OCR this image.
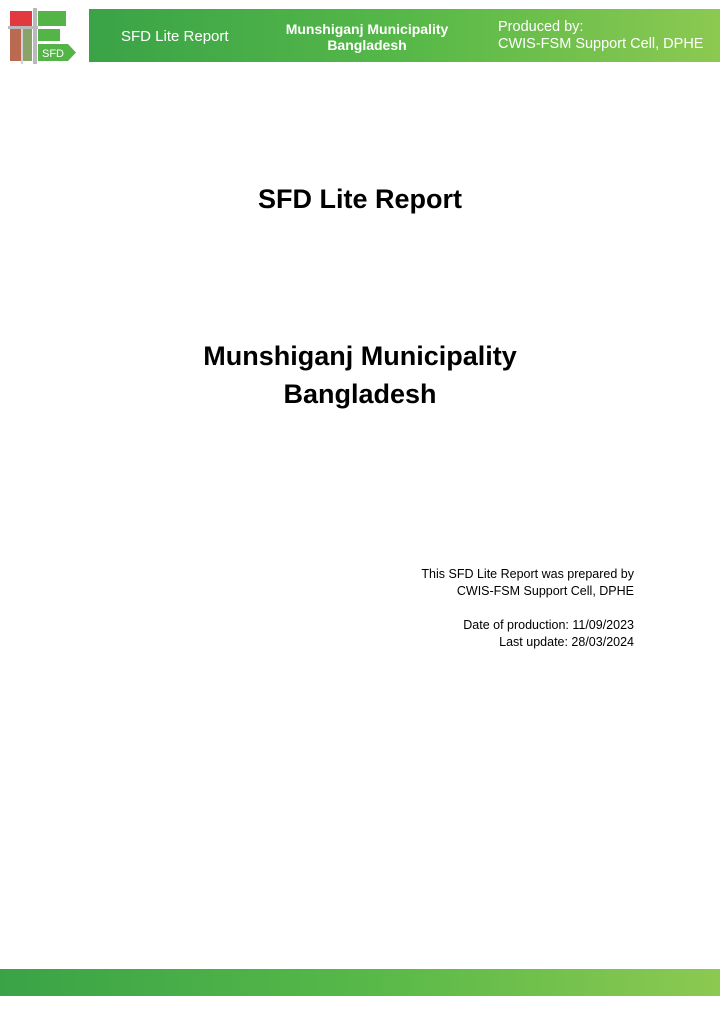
SFD
SFD Lite Report	Munshiganj Municipality
Bangladesh
Produced by:
CWIS-FSM Support Cell, DPHE
SFD Lite Report
Munshiganj Municipality
Bangladesh
This SFD Lite Report was prepared by
CWIS-FSM Support Cell, DPHE
Date of production: 11/09/2023
Last update: 28/03/2024
